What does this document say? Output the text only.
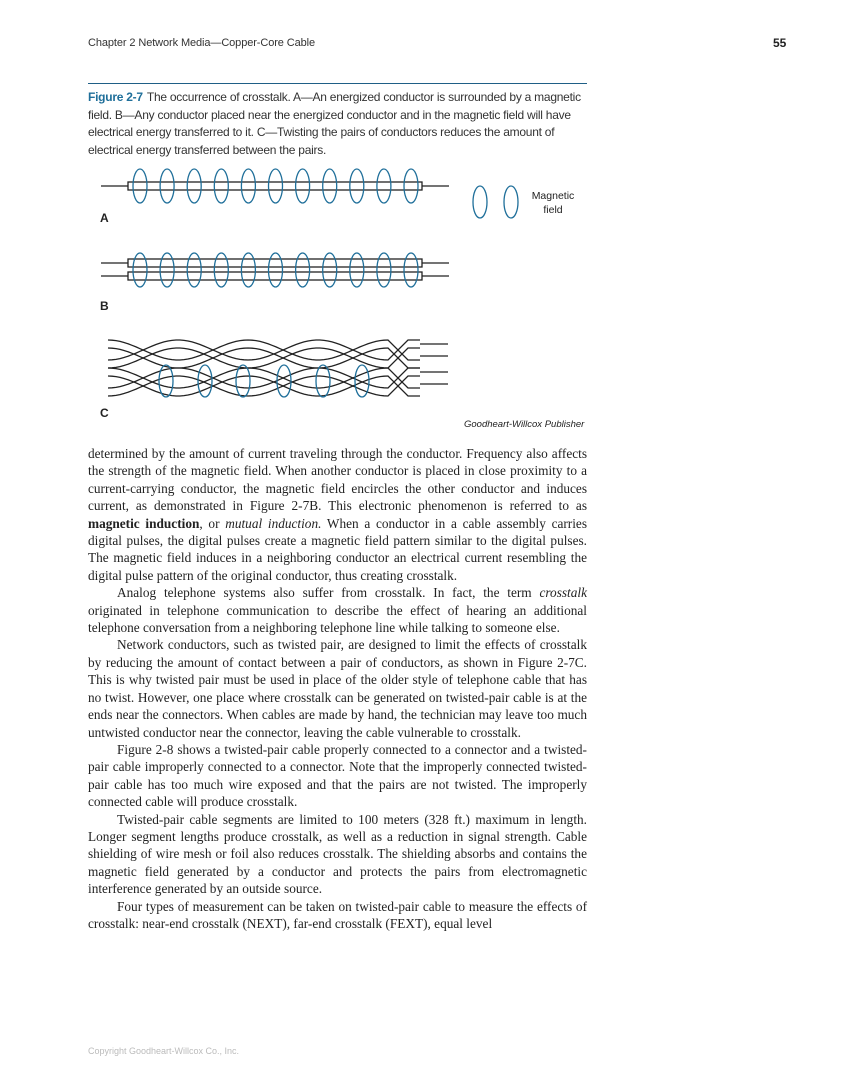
Chapter 2 Network Media—Copper-Core Cable	55
Figure 2-7 The occurrence of crosstalk. A—An energized conductor is surrounded by a magnetic field. B—Any conductor placed near the energized conductor and in the magnetic field will have electrical energy transferred to it. C—Twisting the pairs of conductors reduces the amount of electrical energy transferred between the pairs.
A
B
C
Magnetic
field
Goodheart-Willcox Publisher

determined by the amount of current traveling through the conductor. Frequency also affects the strength of the magnetic field. When another conductor is placed in close proximity to a current-carrying conductor, the magnetic field encircles the other conductor and induces current, as demonstrated in Figure 2-7B. This electronic phenomenon is referred to as magnetic induction, or mutual induction. When a conductor in a cable assembly carries digital pulses, the digital pulses create a magnetic field pattern similar to the digital pulses. The magnetic field induces in a neighboring conductor an electrical current resembling the digital pulse pattern of the original conductor, thus creating crosstalk.

Analog telephone systems also suffer from crosstalk. In fact, the term crosstalk originated in telephone communication to describe the effect of hearing an additional telephone conversation from a neighboring telephone line while talking to someone else.

Network conductors, such as twisted pair, are designed to limit the effects of crosstalk by reducing the amount of contact between a pair of conductors, as shown in Figure 2-7C. This is why twisted pair must be used in place of the older style of telephone cable that has no twist. However, one place where crosstalk can be generated on twisted-pair cable is at the ends near the connectors. When cables are made by hand, the technician may leave too much untwisted conductor near the connector, leaving the cable vulnerable to crosstalk.

Figure 2-8 shows a twisted-pair cable properly connected to a connector and a twisted-pair cable improperly connected to a connector. Note that the improperly connected twisted-pair cable has too much wire exposed and that the pairs are not twisted. The improperly connected cable will produce crosstalk.

Twisted-pair cable segments are limited to 100 meters (328 ft.) maximum in length. Longer segment lengths produce crosstalk, as well as a reduction in signal strength. Cable shielding of wire mesh or foil also reduces crosstalk. The shielding absorbs and contains the magnetic field generated by a conductor and protects the pairs from electromagnetic interference generated by an outside source.

Four types of measurement can be taken on twisted-pair cable to measure the effects of crosstalk: near-end crosstalk (NEXT), far-end crosstalk (FEXT), equal level

Copyright Goodheart-Willcox Co., Inc.
